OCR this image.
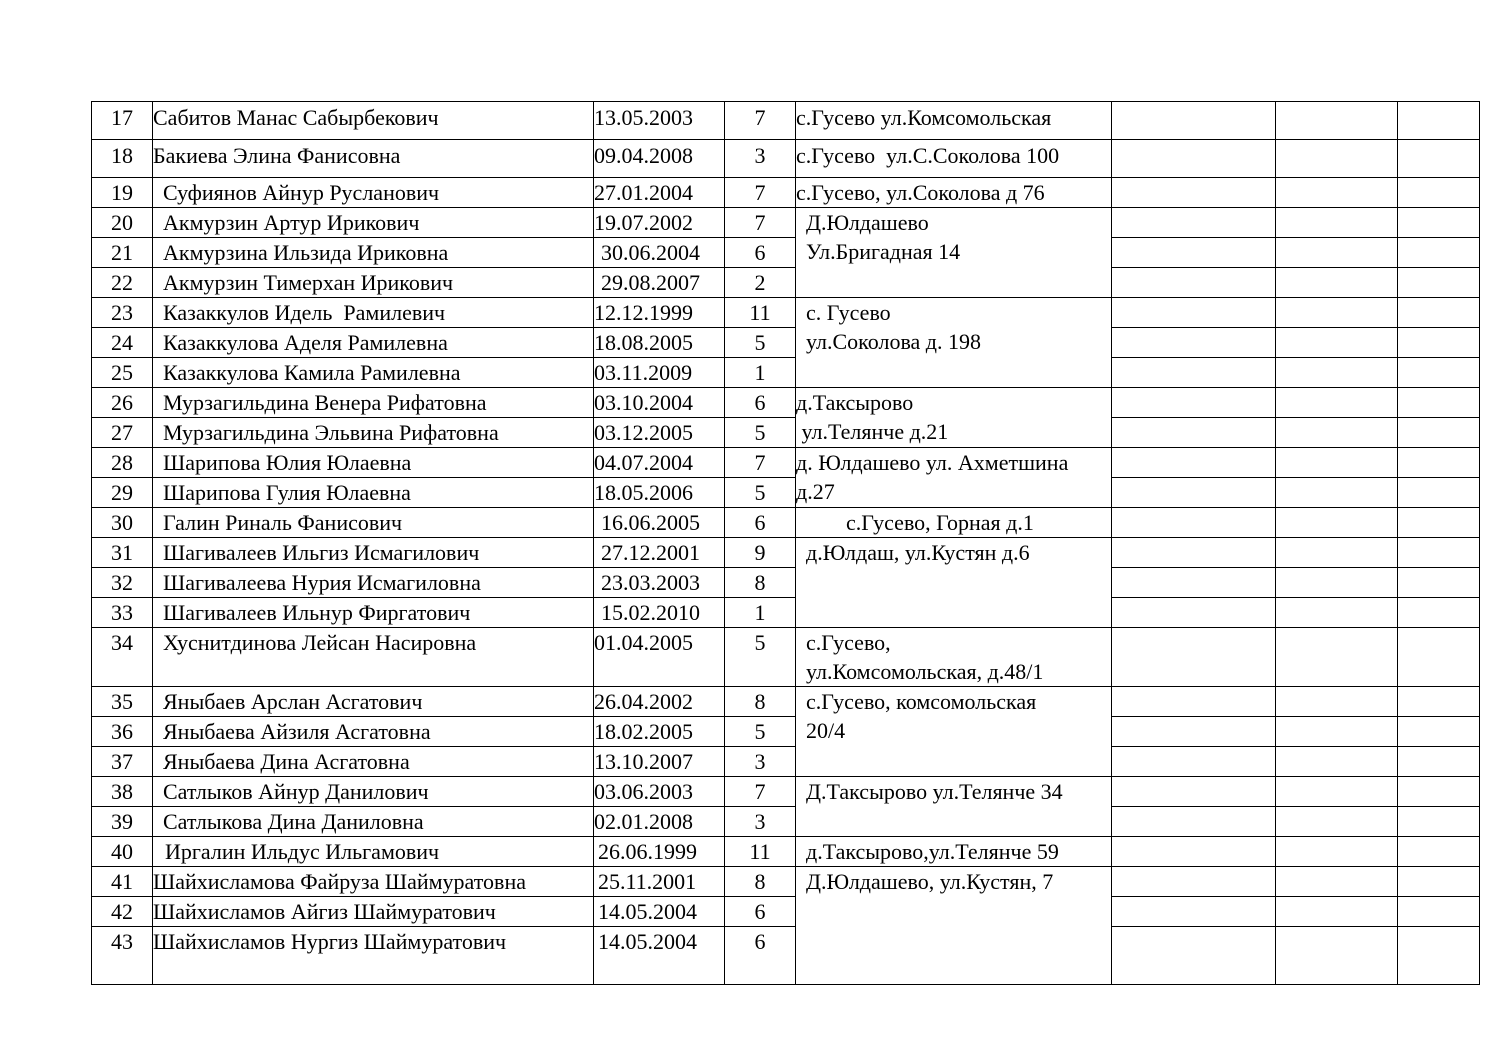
17	Сабитов Манас Сабырбекович	13.05.2003	7	с.Гусево ул.Комсомольская			
18	Бакиева Элина Фанисовна	09.04.2008	3	с.Гусево  ул.С.Соколова 100			
19	Суфиянов Айнур Русланович	27.01.2004	7	с.Гусево, ул.Соколова д 76			
20	Акмурзин Артур Ирикович	19.07.2002	7	Д.Юлдашево
Ул.Бригадная 14			

21	Акмурзина Ильзида Ириковна	30.06.2004	6				
22	Акмурзин Тимерхан Ирикович	29.08.2007	2				
23	Казаккулов Идель  Рамилевич	12.12.1999	11	с. Гусево
ул.Соколова д. 198			

24	Казаккулова Аделя Рамилевна	18.08.2005	5				
25	Казаккулова Камила Рамилевна	03.11.2009	1				
26	Мурзагильдина Венера Рифатовна	03.10.2004	6	д.Таксырово
ул.Телянче д.21			

27	Мурзагильдина Эльвина Рифатовна	03.12.2005	5				
28	Шарипова Юлия Юлаевна	04.07.2004	7	д. Юлдашево ул. Ахметшина
д.27			

29	Шарипова Гулия Юлаевна	18.05.2006	5				
30	Галин Риналь Фанисович	16.06.2005	6	с.Гусево, Горная д.1			
31	Шагивалеев Ильгиз Исмагилович	27.12.2001	9	д.Юлдаш, ул.Кустян д.6			
32	Шагивалеева Нурия Исмагиловна	23.03.2003	8				
33	Шагивалеев Ильнур Фиргатович	15.02.2010	1				
34	Хуснитдинова Лейсан Насировна	01.04.2005	5	с.Гусево,
ул.Комсомольская, д.48/1			

35	Яныбаев Арслан Асгатович	26.04.2002	8	с.Гусево, комсомольская
20/4			

36	Яныбаева Айзиля Асгатовна	18.02.2005	5				
37	Яныбаева Дина Асгатовна	13.10.2007	3				
38	Сатлыков Айнур Данилович	03.06.2003	7	Д.Таксырово ул.Телянче 34			
39	Сатлыкова Дина Даниловна	02.01.2008	3				
40	Иргалин Ильдус Ильгамович	26.06.1999	11	д.Таксырово,ул.Телянче 59			
41	Шайхисламова Файруза Шаймуратовна	25.11.2001	8	Д.Юлдашево, ул.Кустян, 7			
42	Шайхисламов Айгиз Шаймуратович	14.05.2004	6				
43	Шайхисламов Нургиз Шаймуратович	14.05.2004	6				
